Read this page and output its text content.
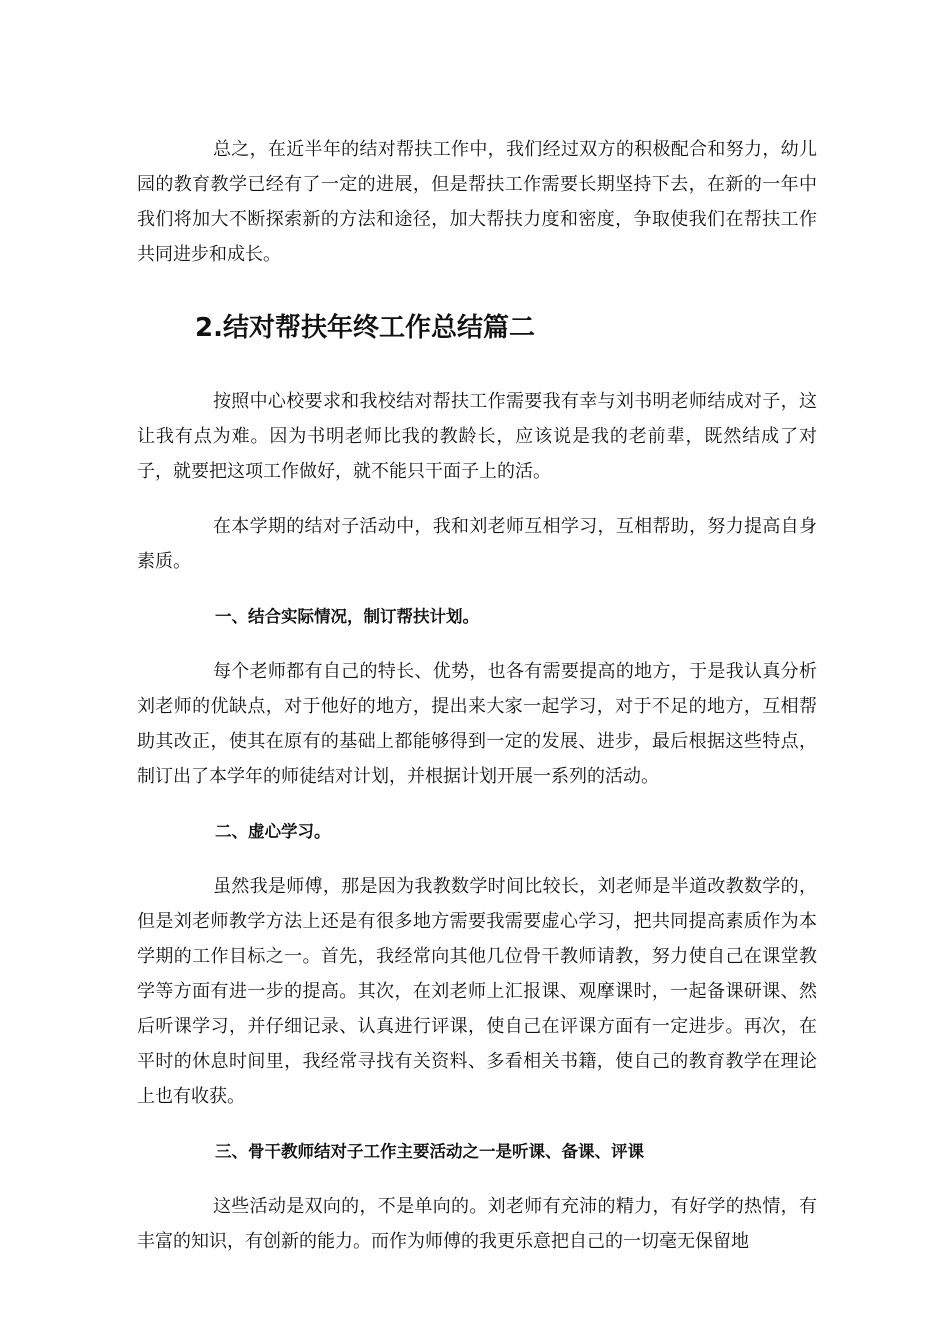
总之，在近半年的结对帮扶工作中，我们经过双方的积极配合和努力，幼儿园的教育教学已经有了一定的进展，但是帮扶工作需要长期坚持下去，在新的一年中我们将加大不断探索新的方法和途径，加大帮扶力度和密度，争取使我们在帮扶工作共同进步和成长。

2.结对帮扶年终工作总结篇二

按照中心校要求和我校结对帮扶工作需要我有幸与刘书明老师结成对子，这让我有点为难。因为书明老师比我的教龄长，应该说是我的老前辈，既然结成了对子，就要把这项工作做好，就不能只干面子上的活。

在本学期的结对子活动中，我和刘老师互相学习，互相帮助，努力提高自身素质。

一、结合实际情况，制订帮扶计划。

每个老师都有自己的特长、优势，也各有需要提高的地方，于是我认真分析刘老师的优缺点，对于他好的地方，提出来大家一起学习，对于不足的地方，互相帮助其改正，使其在原有的基础上都能够得到一定的发展、进步，最后根据这些特点，制订出了本学年的师徒结对计划，并根据计划开展一系列的活动。

二、虚心学习。

虽然我是师傅，那是因为我教数学时间比较长，刘老师是半道改教数学的，但是刘老师教学方法上还是有很多地方需要我需要虚心学习，把共同提高素质作为本学期的工作目标之一。首先，我经常向其他几位骨干教师请教，努力使自己在课堂教学等方面有进一步的提高。其次，在刘老师上汇报课、观摩课时，一起备课研课、然后听课学习，并仔细记录、认真进行评课，使自己在评课方面有一定进步。再次，在平时的休息时间里，我经常寻找有关资料、多看相关书籍，使自己的教育教学在理论上也有收获。

三、骨干教师结对子工作主要活动之一是听课、备课、评课

这些活动是双向的，不是单向的。刘老师有充沛的精力，有好学的热情，有丰富的知识，有创新的能力。而作为师傅的我更乐意把自己的一切毫无保留地
